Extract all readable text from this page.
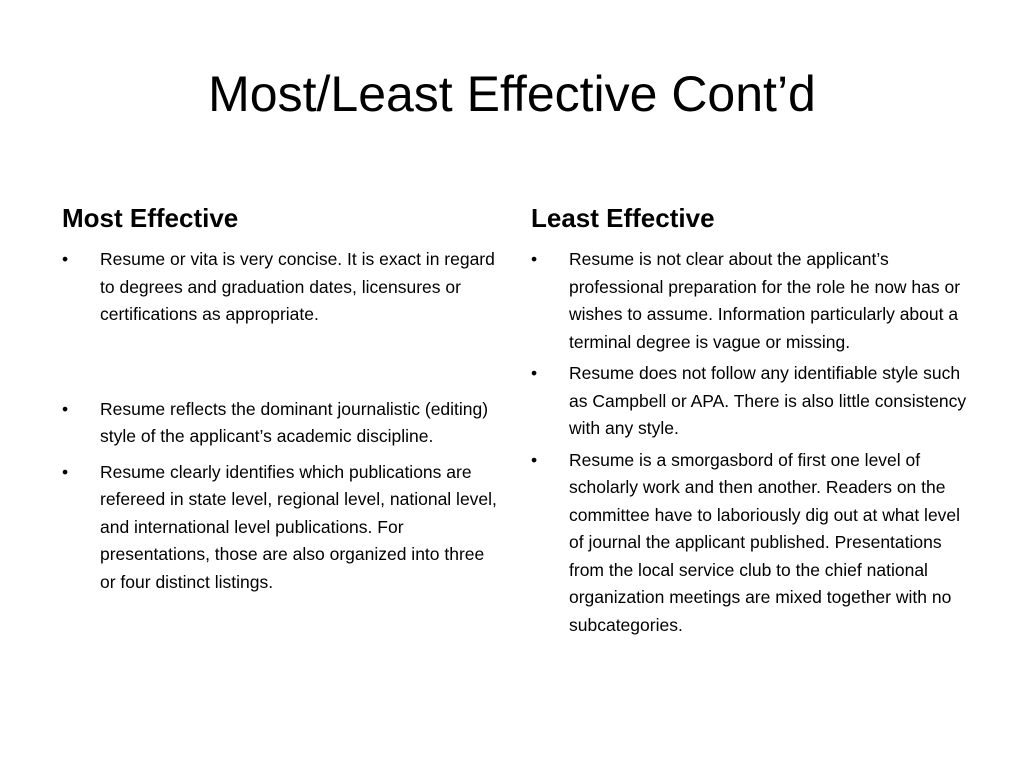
Most/Least Effective Cont’d
Most Effective
•	Resume or vita is very concise. It is exact in regard to degrees and graduation dates, licensures or certifications as appropriate.
•	Resume reflects the dominant journalistic (editing) style of the applicant’s academic discipline.
•	Resume clearly identifies which publications are refereed in state level, regional level, national level, and international level publications. For presentations, those are also organized into three or four distinct listings.
Least Effective
•	Resume is not clear about the applicant’s professional preparation for the role he now has or wishes to assume. Information particularly about a terminal degree is vague or missing.
•	Resume does not follow any identifiable style such as Campbell or APA. There is also little consistency with any style.
•	Resume is a smorgasbord of first one level of scholarly work and then another. Readers on the committee have to laboriously dig out at what level of journal the applicant published. Presentations from the local service club to the chief national organization meetings are mixed together with no subcategories.
